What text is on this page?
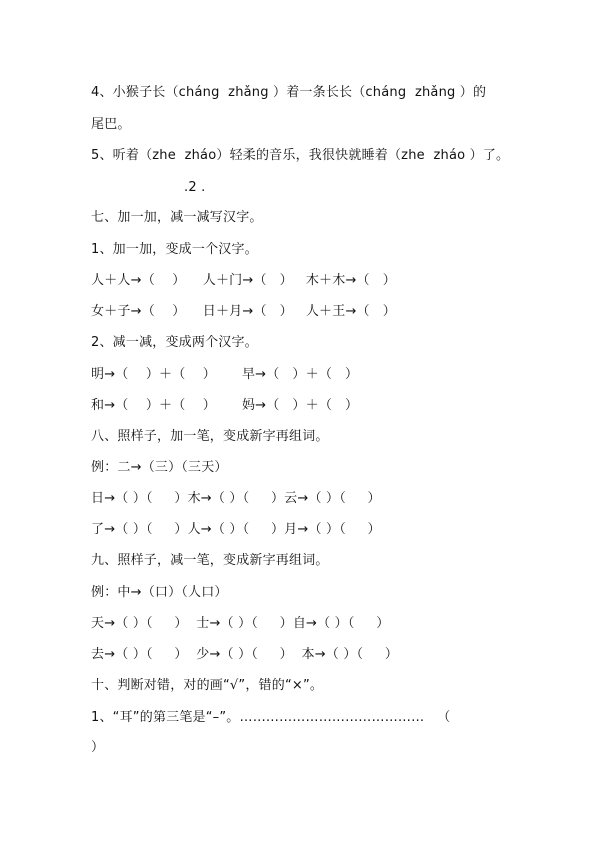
4、小猴子长（cháng  zhǎng ）着一条长长（cháng  zhǎng ）的
尾巴。
5、听着（zhe  zháo）轻柔的音乐，我很快就睡着（zhe  zháo ）了。
.2 .
七、加一加，减一减写汉字。
1、加一加，变成一个汉字。
人＋人→（    ）    人＋门→（   ）   木＋木→（   ）
女＋子→（    ）    日＋月→（   ）   人＋王→（   ）
2、减一减，变成两个汉字。
明→（    ）＋（    ）      早→（   ）＋（   ）
和→（    ）＋（    ）      妈→（   ）＋（   ）
八、照样子，加一笔，变成新字再组词。
例：二→（三）（三天）
日→（ ）（     ）木→（ ）（     ）云→（ ）（     ）
了→（ ）（     ）人→（ ）（     ）月→（ ）（     ）
九、照样子，减一笔，变成新字再组词。
例：中→（口）（人口）
天→（ ）（     ）  士→（ ）（     ）自→（ ）（     ）
去→（ ）（     ）  少→（ ）（     ）  本→（ ）（     ）
十、判断对错，对的画“√”，错的“×”。
1、“耳”的第三笔是“–”。……………………………………   （
）
